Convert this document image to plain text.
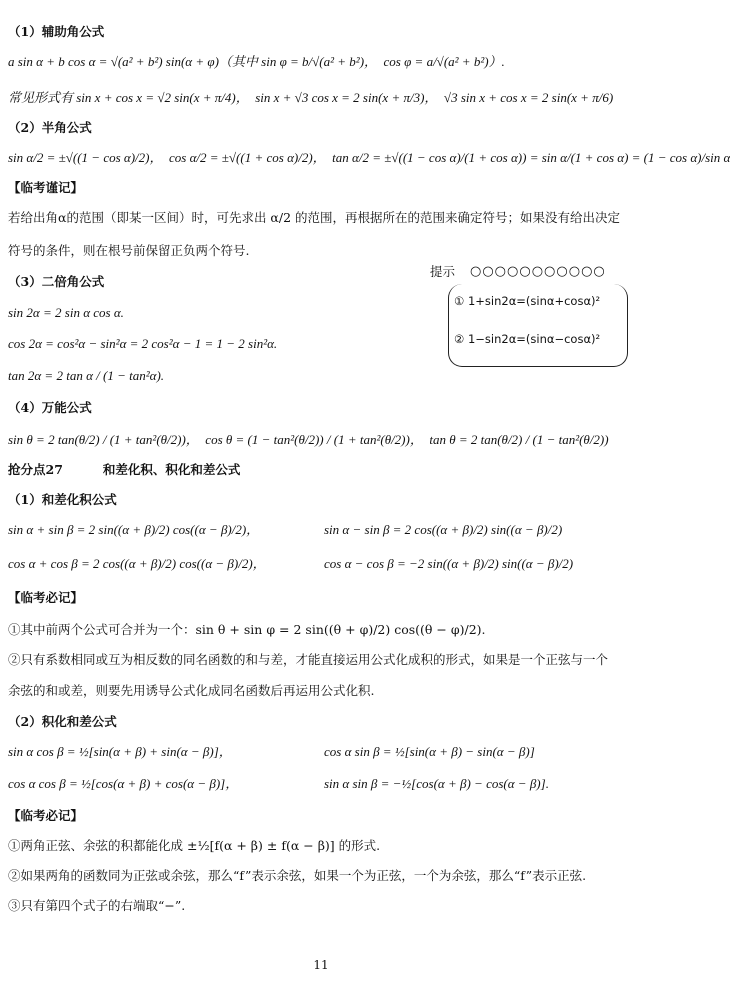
（1）辅助角公式
a sin α + b cos α = √(a² + b²) sin(α + φ)（其中 sin φ = b/√(a² + b²)，　cos φ = a/√(a² + b²)）.
常见形式有 sin x + cos x = √2 sin(x + π/4)，　sin x + √3 cos x = 2 sin(x + π/3)，　√3 sin x + cos x = 2 sin(x + π/6)
（2）半角公式
sin α/2 = ±√((1 − cos α)/2)，　cos α/2 = ±√((1 + cos α)/2)，　tan α/2 = ±√((1 − cos α)/(1 + cos α)) = sin α/(1 + cos α) = (1 − cos α)/sin α
【临考谨记】
若给出角α的范围（即某一区间）时，可先求出 α/2 的范围，再根据所在的范围来确定符号；如果没有给出决定
符号的条件，则在根号前保留正负两个符号.
（3）二倍角公式
sin 2α = 2 sin α cos α.
cos 2α = cos²α − sin²α = 2 cos²α − 1 = 1 − 2 sin²α.
tan 2α = 2 tan α / (1 − tan²α).
（4）万能公式
sin θ = 2 tan(θ/2) / (1 + tan²(θ/2))，　cos θ = (1 − tan²(θ/2)) / (1 + tan²(θ/2))，　tan θ = 2 tan(θ/2) / (1 − tan²(θ/2))
抢分点27	和差化积、积化和差公式
（1）和差化积公式
sin α + sin β = 2 sin((α + β)/2) cos((α − β)/2)，	sin α − sin β = 2 cos((α + β)/2) sin((α − β)/2)
cos α + cos β = 2 cos((α + β)/2) cos((α − β)/2)，	cos α − cos β = −2 sin((α + β)/2) sin((α − β)/2)
【临考必记】
①其中前两个公式可合并为一个：sin θ + sin φ = 2 sin((θ + φ)/2) cos((θ − φ)/2).
②只有系数相同或互为相反数的同名函数的和与差，才能直接运用公式化成积的形式，如果是一个正弦与一个
余弦的和或差，则要先用诱导公式化成同名函数后再运用公式化积.
（2）积化和差公式
sin α cos β = ½[sin(α + β) + sin(α − β)]，	cos α sin β = ½[sin(α + β) − sin(α − β)]
cos α cos β = ½[cos(α + β) + cos(α − β)]，	sin α sin β = −½[cos(α + β) − cos(α − β)].
【临考必记】
①两角正弦、余弦的积都能化成 ±½[f(α + β) ± f(α − β)] 的形式.
②如果两角的函数同为正弦或余弦，那么“f”表示余弦，如果一个为正弦，一个为余弦，那么“f”表示正弦.
③只有第四个式子的右端取“−”.
提示 ○○○○○○○○○○○
① 1+sin2α=(sinα+cosα)²
② 1−sin2α=(sinα−cosα)²
11
